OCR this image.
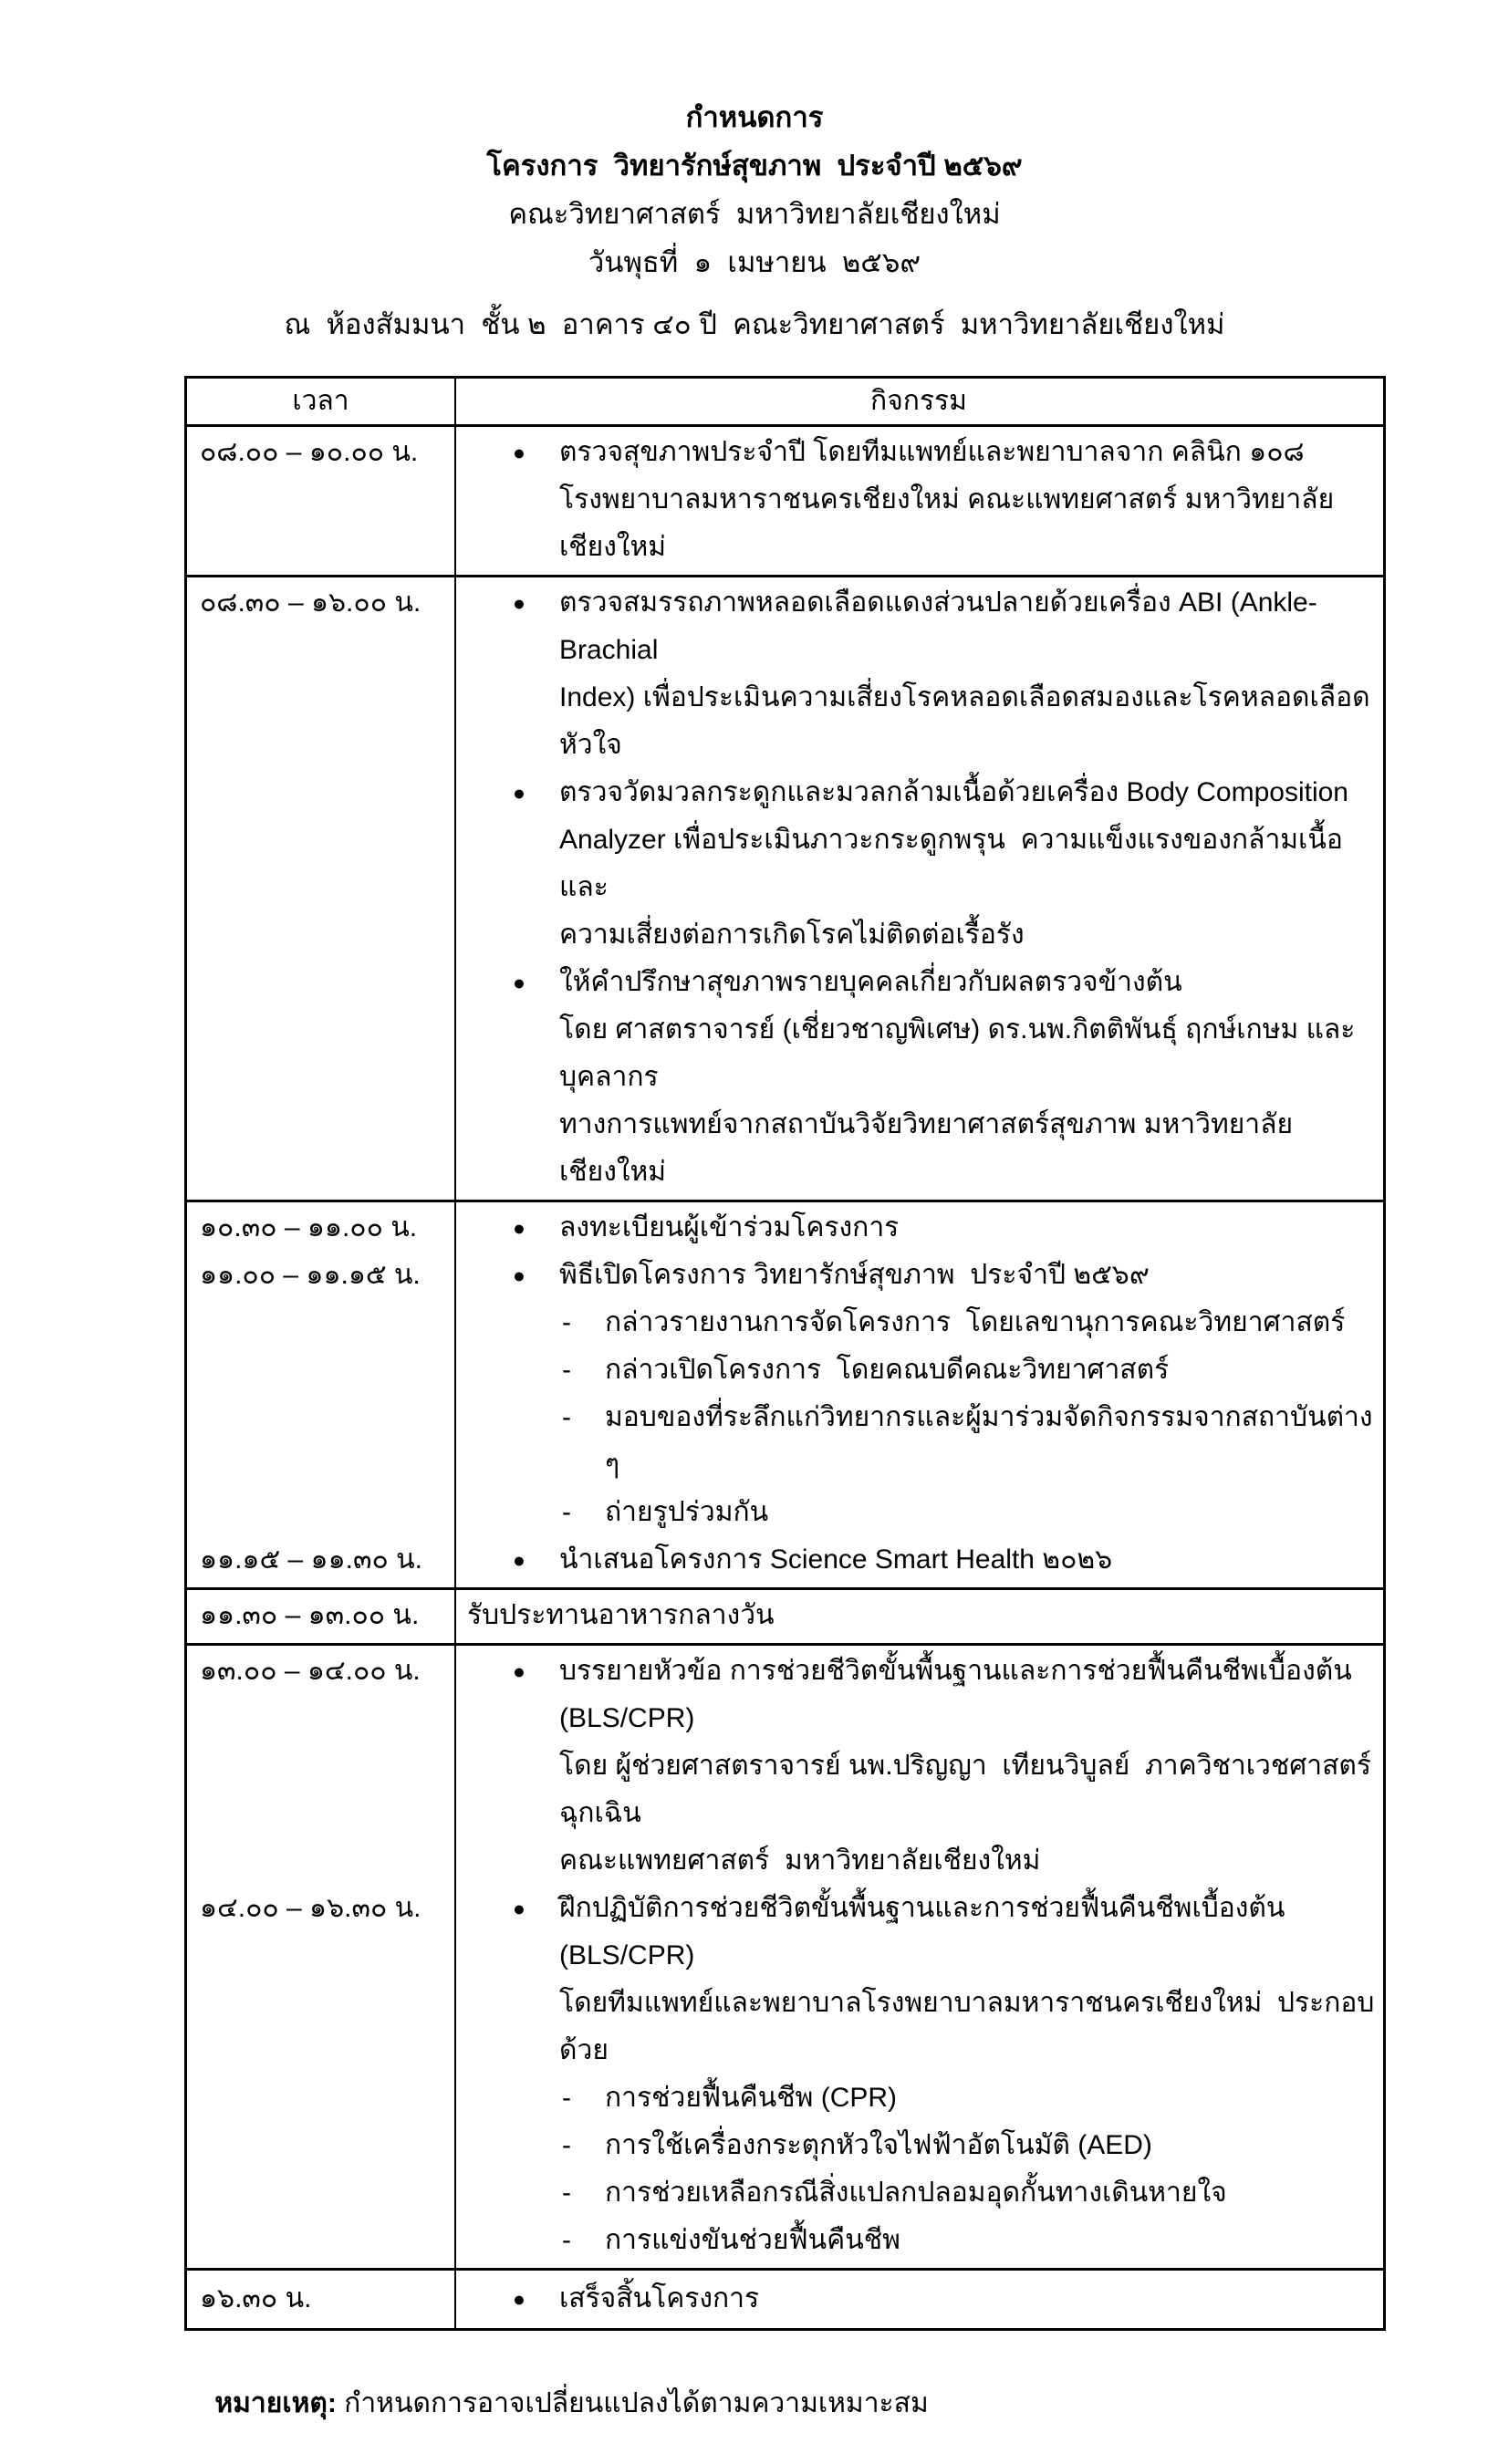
กำหนดการ
โครงการ  วิทยารักษ์สุขภาพ  ประจำปี ๒๕๖๙
คณะวิทยาศาสตร์  มหาวิทยาลัยเชียงใหม่
วันพุธที่  ๑  เมษายน  ๒๕๖๙
ณ  ห้องสัมมนา  ชั้น ๒  อาคาร ๔๐ ปี  คณะวิทยาศาสตร์  มหาวิทยาลัยเชียงใหม่
เวลา	กิจกรรม
๐๘.๐๐ – ๑๐.๐๐ น.	● ตรวจสุขภาพประจำปี โดยทีมแพทย์และพยาบาลจาก คลินิก ๑๐๘
โรงพยาบาลมหาราชนครเชียงใหม่ คณะแพทยศาสตร์ มหาวิทยาลัยเชียงใหม่
๐๘.๓๐ – ๑๖.๐๐ น.	● ตรวจสมรรถภาพหลอดเลือดแดงส่วนปลายด้วยเครื่อง ABI (Ankle-Brachial
Index) เพื่อประเมินความเสี่ยงโรคหลอดเลือดสมองและโรคหลอดเลือดหัวใจ
● ตรวจวัดมวลกระดูกและมวลกล้ามเนื้อด้วยเครื่อง Body Composition
Analyzer เพื่อประเมินภาวะกระดูกพรุน  ความแข็งแรงของกล้ามเนื้อ  และ
ความเสี่ยงต่อการเกิดโรคไม่ติดต่อเรื้อรัง
● ให้คำปรึกษาสุขภาพรายบุคคลเกี่ยวกับผลตรวจข้างต้น
โดย ศาสตราจารย์ (เชี่ยวชาญพิเศษ) ดร.นพ.กิตติพันธุ์ ฤกษ์เกษม และบุคลากร
ทางการแพทย์จากสถาบันวิจัยวิทยาศาสตร์สุขภาพ มหาวิทยาลัยเชียงใหม่
๑๐.๓๐ – ๑๑.๐๐ น.	● ลงทะเบียนผู้เข้าร่วมโครงการ
๑๑.๐๐ – ๑๑.๑๕ น.	● พิธีเปิดโครงการ วิทยารักษ์สุขภาพ  ประจำปี ๒๕๖๙
- กล่าวรายงานการจัดโครงการ  โดยเลขานุการคณะวิทยาศาสตร์
- กล่าวเปิดโครงการ  โดยคณบดีคณะวิทยาศาสตร์
- มอบของที่ระลึกแก่วิทยากรและผู้มาร่วมจัดกิจกรรมจากสถาบันต่าง ๆ
- ถ่ายรูปร่วมกัน
๑๑.๑๕ – ๑๑.๓๐ น.	● นำเสนอโครงการ Science Smart Health ๒๐๒๖
๑๑.๓๐ – ๑๓.๐๐ น.	รับประทานอาหารกลางวัน
๑๓.๐๐ – ๑๔.๐๐ น.	● บรรยายหัวข้อ การช่วยชีวิตขั้นพื้นฐานและการช่วยฟื้นคืนชีพเบื้องต้น
(BLS/CPR)
โดย ผู้ช่วยศาสตราจารย์ นพ.ปริญญา  เทียนวิบูลย์  ภาควิชาเวชศาสตร์ฉุกเฉิน
คณะแพทยศาสตร์  มหาวิทยาลัยเชียงใหม่
๑๔.๐๐ – ๑๖.๓๐ น.	● ฝึกปฏิบัติการช่วยชีวิตขั้นพื้นฐานและการช่วยฟื้นคืนชีพเบื้องต้น (BLS/CPR)
โดยทีมแพทย์และพยาบาลโรงพยาบาลมหาราชนครเชียงใหม่  ประกอบด้วย
- การช่วยฟื้นคืนชีพ (CPR)
- การใช้เครื่องกระตุกหัวใจไฟฟ้าอัตโนมัติ (AED)
- การช่วยเหลือกรณีสิ่งแปลกปลอมอุดกั้นทางเดินหายใจ
- การแข่งขันช่วยฟื้นคืนชีพ
๑๖.๓๐ น.	● เสร็จสิ้นโครงการ

หมายเหตุ: กำหนดการอาจเปลี่ยนแปลงได้ตามความเหมาะสม
